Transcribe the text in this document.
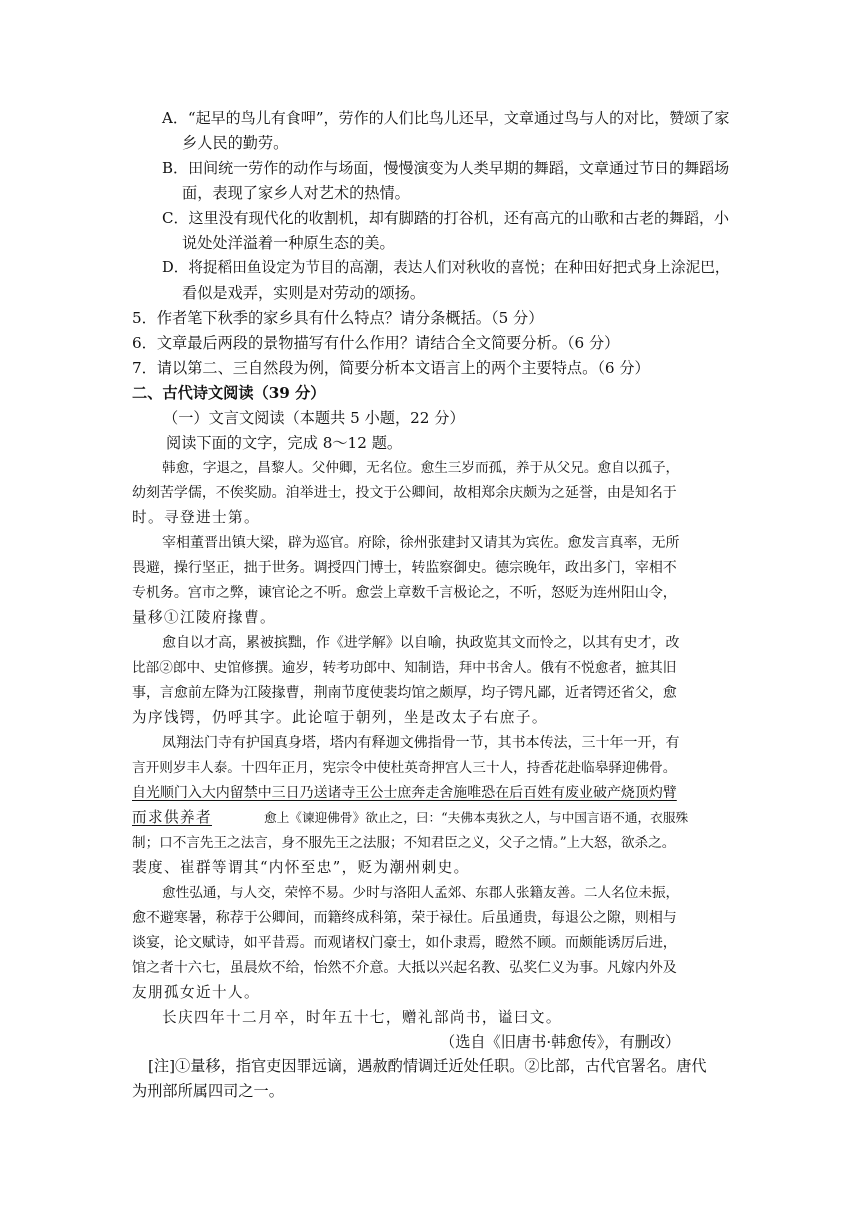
A．“起早的鸟儿有食呷”，劳作的人们比鸟儿还早，文章通过鸟与人的对比，赞颂了家
乡人民的勤劳。
B．田间统一劳作的动作与场面，慢慢演变为人类早期的舞蹈，文章通过节日的舞蹈场
面，表现了家乡人对艺术的热情。
C．这里没有现代化的收割机，却有脚踏的打谷机，还有高亢的山歌和古老的舞蹈，小
说处处洋溢着一种原生态的美。
D．将捉稻田鱼设定为节目的高潮，表达人们对秋收的喜悦；在种田好把式身上涂泥巴，
看似是戏弄，实则是对劳动的颂扬。
5．作者笔下秋季的家乡具有什么特点？请分条概括。（5 分）
6．文章最后两段的景物描写有什么作用？请结合全文简要分析。（6 分）
7．请以第二、三自然段为例，简要分析本文语言上的两个主要特点。（6 分）
二、古代诗文阅读（39 分）
（一）文言文阅读（本题共 5 小题，22 分）
阅读下面的文字，完成 8～12 题。
韩愈，字退之，昌黎人。父仲卿，无名位。愈生三岁而孤，养于从父兄。愈自以孤子，
幼刻苦学儒，不俟奖励。洎举进士，投文于公卿间，故相郑余庆颇为之延誉，由是知名于
时。寻登进士第。
宰相董晋出镇大梁，辟为巡官。府除，徐州张建封又请其为宾佐。愈发言真率，无所
畏避，操行坚正，拙于世务。调授四门博士，转监察御史。德宗晚年，政出多门，宰相不
专机务。宫市之弊，谏官论之不听。愈尝上章数千言极论之，不听，怒贬为连州阳山令，
量移①江陵府掾曹。
愈自以才高，累被摈黜，作《进学解》以自喻，执政览其文而怜之，以其有史才，改
比部②郎中、史馆修撰。逾岁，转考功郎中、知制诰，拜中书舍人。俄有不悦愈者，摭其旧
事，言愈前左降为江陵掾曹，荆南节度使裴均馆之颇厚，均子锷凡鄙，近者锷还省父，愈
为序饯锷，仍呼其字。此论喧于朝列，坐是改太子右庶子。
凤翔法门寺有护国真身塔，塔内有释迦文佛指骨一节，其书本传法，三十年一开，有
言开则岁丰人泰。十四年正月，宪宗令中使杜英奇押宫人三十人，持香花赴临皋驿迎佛骨。
自光顺门入大内留禁中三日乃送诸寺王公士庶奔走舍施唯恐在后百姓有废业破产烧顶灼臂
而求供养者	愈上《谏迎佛骨》欲止之，曰：“夫佛本夷狄之人，与中国言语不通，衣服殊
制；口不言先王之法言，身不服先王之法服；不知君臣之义，父子之情。”上大怒，欲杀之。
裴度、崔群等谓其“内怀至忠”，贬为潮州刺史。
愈性弘通，与人交，荣悴不易。少时与洛阳人孟郊、东郡人张籍友善。二人名位未振，
愈不避寒暑，称荐于公卿间，而籍终成科第，荣于禄仕。后虽通贵，每退公之隙，则相与
谈宴，论文赋诗，如平昔焉。而观诸权门豪士，如仆隶焉，瞪然不顾。而颇能诱厉后进，
馆之者十六七，虽晨炊不给，怡然不介意。大抵以兴起名教、弘奖仁义为事。凡嫁内外及
友朋孤女近十人。
长庆四年十二月卒，时年五十七，赠礼部尚书，谥曰文。
（选自《旧唐书·韩愈传》，有删改）
[注]①量移，指官吏因罪远谪，遇赦酌情调迁近处任职。②比部，古代官署名。唐代
为刑部所属四司之一。
